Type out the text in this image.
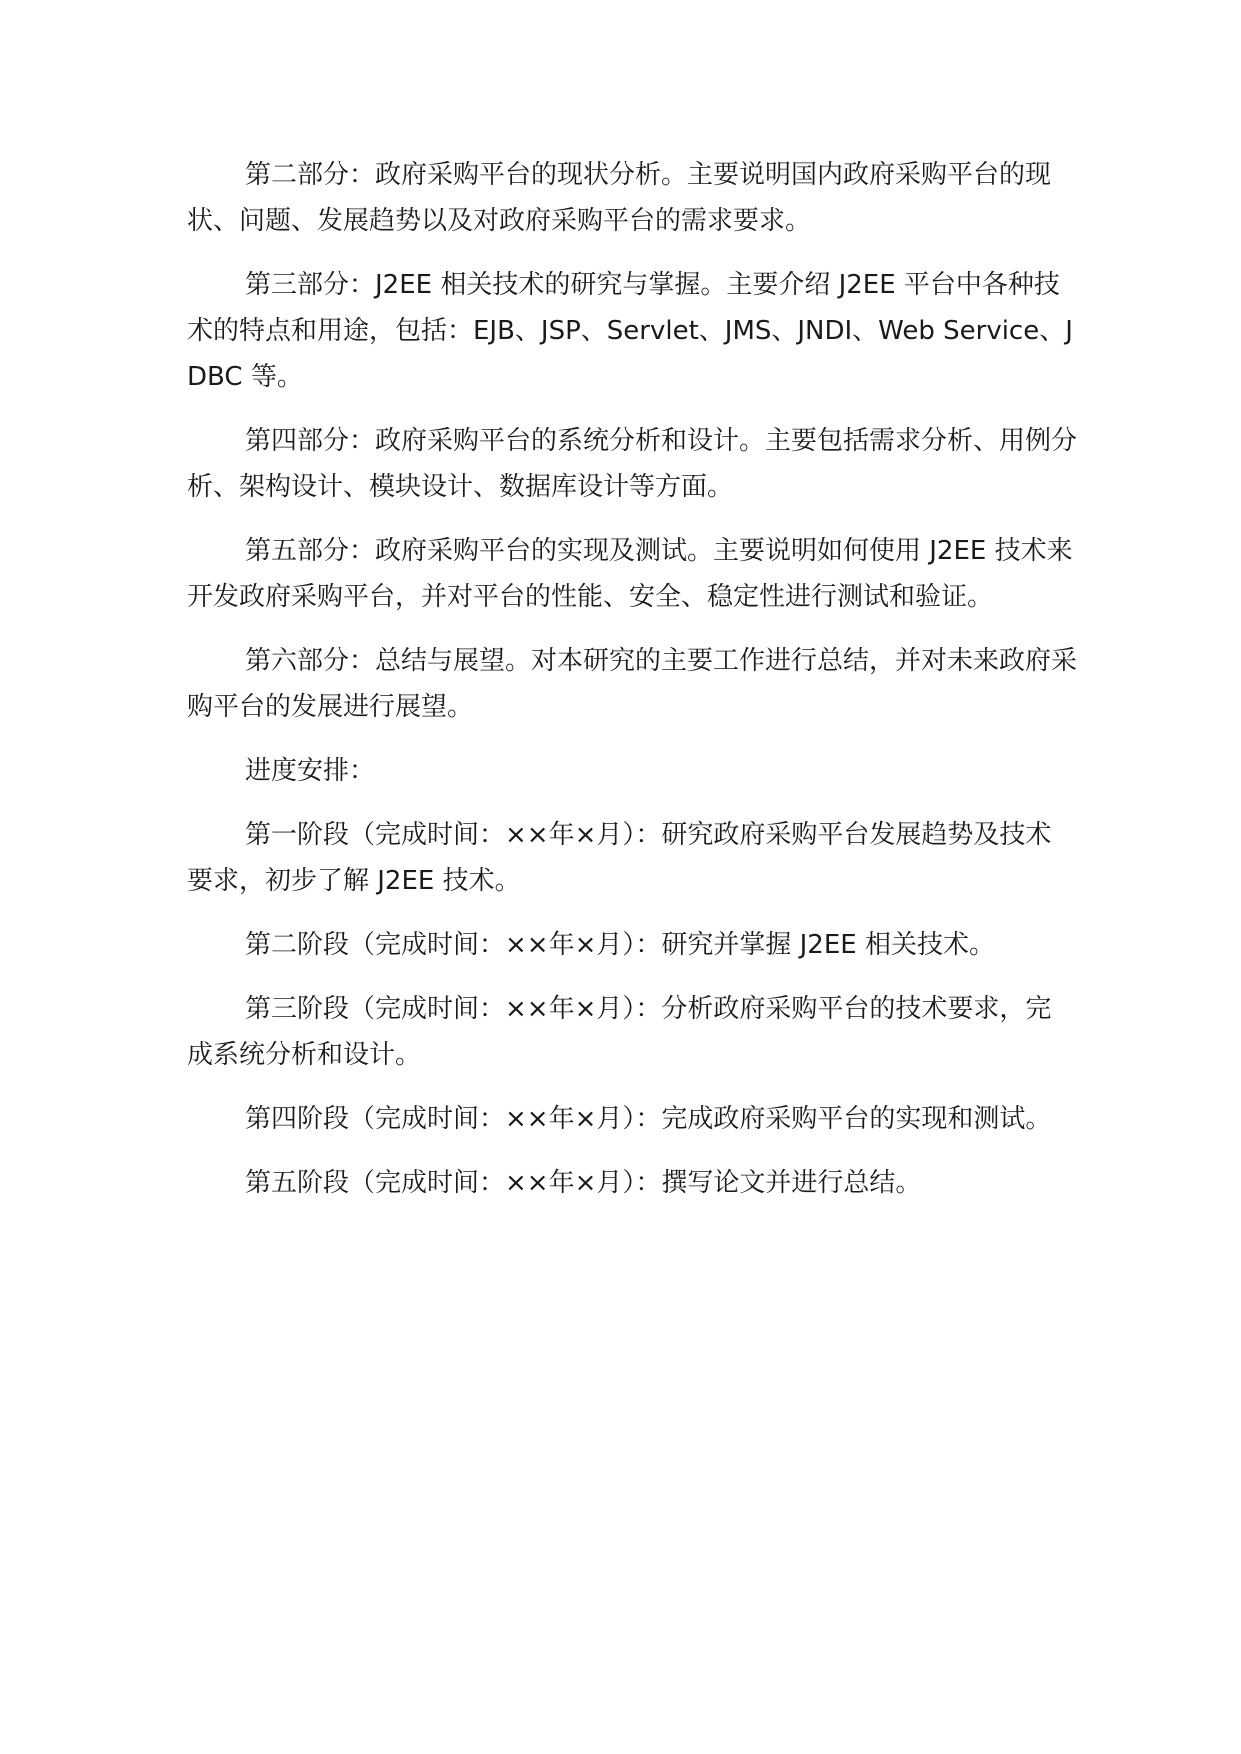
第二部分：政府采购平台的现状分析。主要说明国内政府采购平台的现状、问题、发展趋势以及对政府采购平台的需求要求。

第三部分：J2EE 相关技术的研究与掌握。主要介绍 J2EE 平台中各种技术的特点和用途，包括：EJB、JSP、Servlet、JMS、JNDI、Web Service、JDBC 等。

第四部分：政府采购平台的系统分析和设计。主要包括需求分析、用例分析、架构设计、模块设计、数据库设计等方面。

第五部分：政府采购平台的实现及测试。主要说明如何使用 J2EE 技术来开发政府采购平台，并对平台的性能、安全、稳定性进行测试和验证。

第六部分：总结与展望。对本研究的主要工作进行总结，并对未来政府采购平台的发展进行展望。

进度安排：

第一阶段（完成时间：××年×月）：研究政府采购平台发展趋势及技术要求，初步了解 J2EE 技术。

第二阶段（完成时间：××年×月）：研究并掌握 J2EE 相关技术。

第三阶段（完成时间：××年×月）：分析政府采购平台的技术要求，完成系统分析和设计。

第四阶段（完成时间：××年×月）：完成政府采购平台的实现和测试。

第五阶段（完成时间：××年×月）：撰写论文并进行总结。
